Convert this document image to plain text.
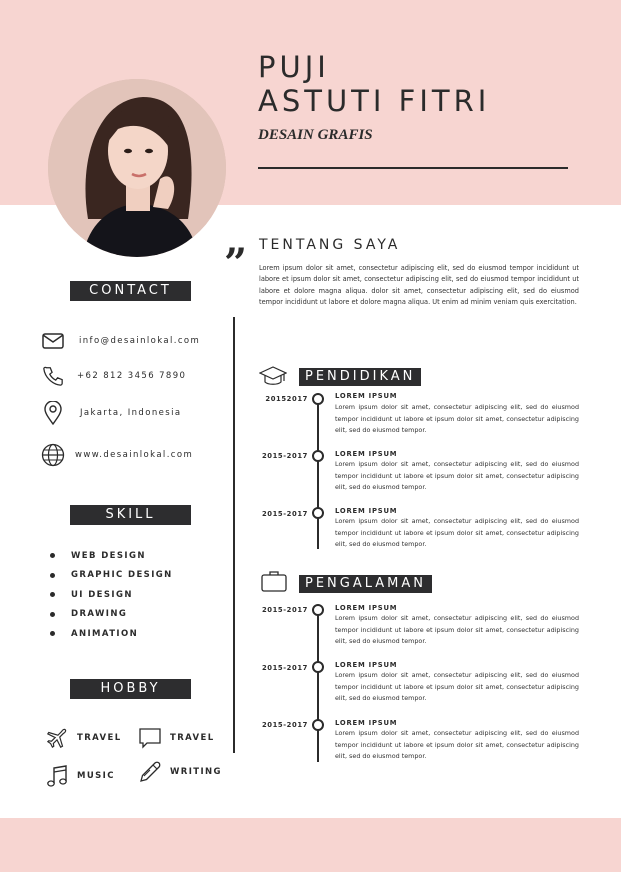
PUJI
ASTUTI FITRI
DESAIN GRAFIS
” TENTANG SAYA

Lorem ipsum dolor sit amet, consectetur adipiscing elit, sed do eiusmod tempor incididunt ut labore et ipsum dolor sit amet, consectetur adipiscing elit, sed do eiusmod tempor incididunt ut labore et dolore magna aliqua. dolor sit amet, consectetur adipiscing elit, sed do eiusmod tempor incididunt ut labore et dolore magna aliqua. Ut enim ad minim veniam quis exercitation.

CONTACT
info@desainlokal.com
+62 812 3456 7890
Jakarta, Indonesia
www.desainlokal.com
SKILL
WEB DESIGN
GRAPHIC DESIGN
UI DESIGN
DRAWING
ANIMATION
HOBBY
TRAVEL	TRAVEL
MUSIC	WRITING
PENDIDIKAN
20152017	LOREM IPSUM

Lorem ipsum dolor sit amet, consectetur adipiscing elit, sed do eiusmod tempor incididunt ut labore et ipsum dolor sit amet, consectetur adipiscing elit, sed do eiusmod tempor.

2015-2017	LOREM IPSUM

Lorem ipsum dolor sit amet, consectetur adipiscing elit, sed do eiusmod tempor incididunt ut labore et ipsum dolor sit amet, consectetur adipiscing elit, sed do eiusmod tempor.

2015-2017	LOREM IPSUM

Lorem ipsum dolor sit amet, consectetur adipiscing elit, sed do eiusmod tempor incididunt ut labore et ipsum dolor sit amet, consectetur adipiscing elit, sed do eiusmod tempor.

PENGALAMAN
2015-2017	LOREM IPSUM

Lorem ipsum dolor sit amet, consectetur adipiscing elit, sed do eiusmod tempor incididunt ut labore et ipsum dolor sit amet, consectetur adipiscing elit, sed do eiusmod tempor.

2015-2017	LOREM IPSUM

Lorem ipsum dolor sit amet, consectetur adipiscing elit, sed do eiusmod tempor incididunt ut labore et ipsum dolor sit amet, consectetur adipiscing elit, sed do eiusmod tempor.

2015-2017	LOREM IPSUM

Lorem ipsum dolor sit amet, consectetur adipiscing elit, sed do eiusmod tempor incididunt ut labore et ipsum dolor sit amet, consectetur adipiscing elit, sed do eiusmod tempor.
